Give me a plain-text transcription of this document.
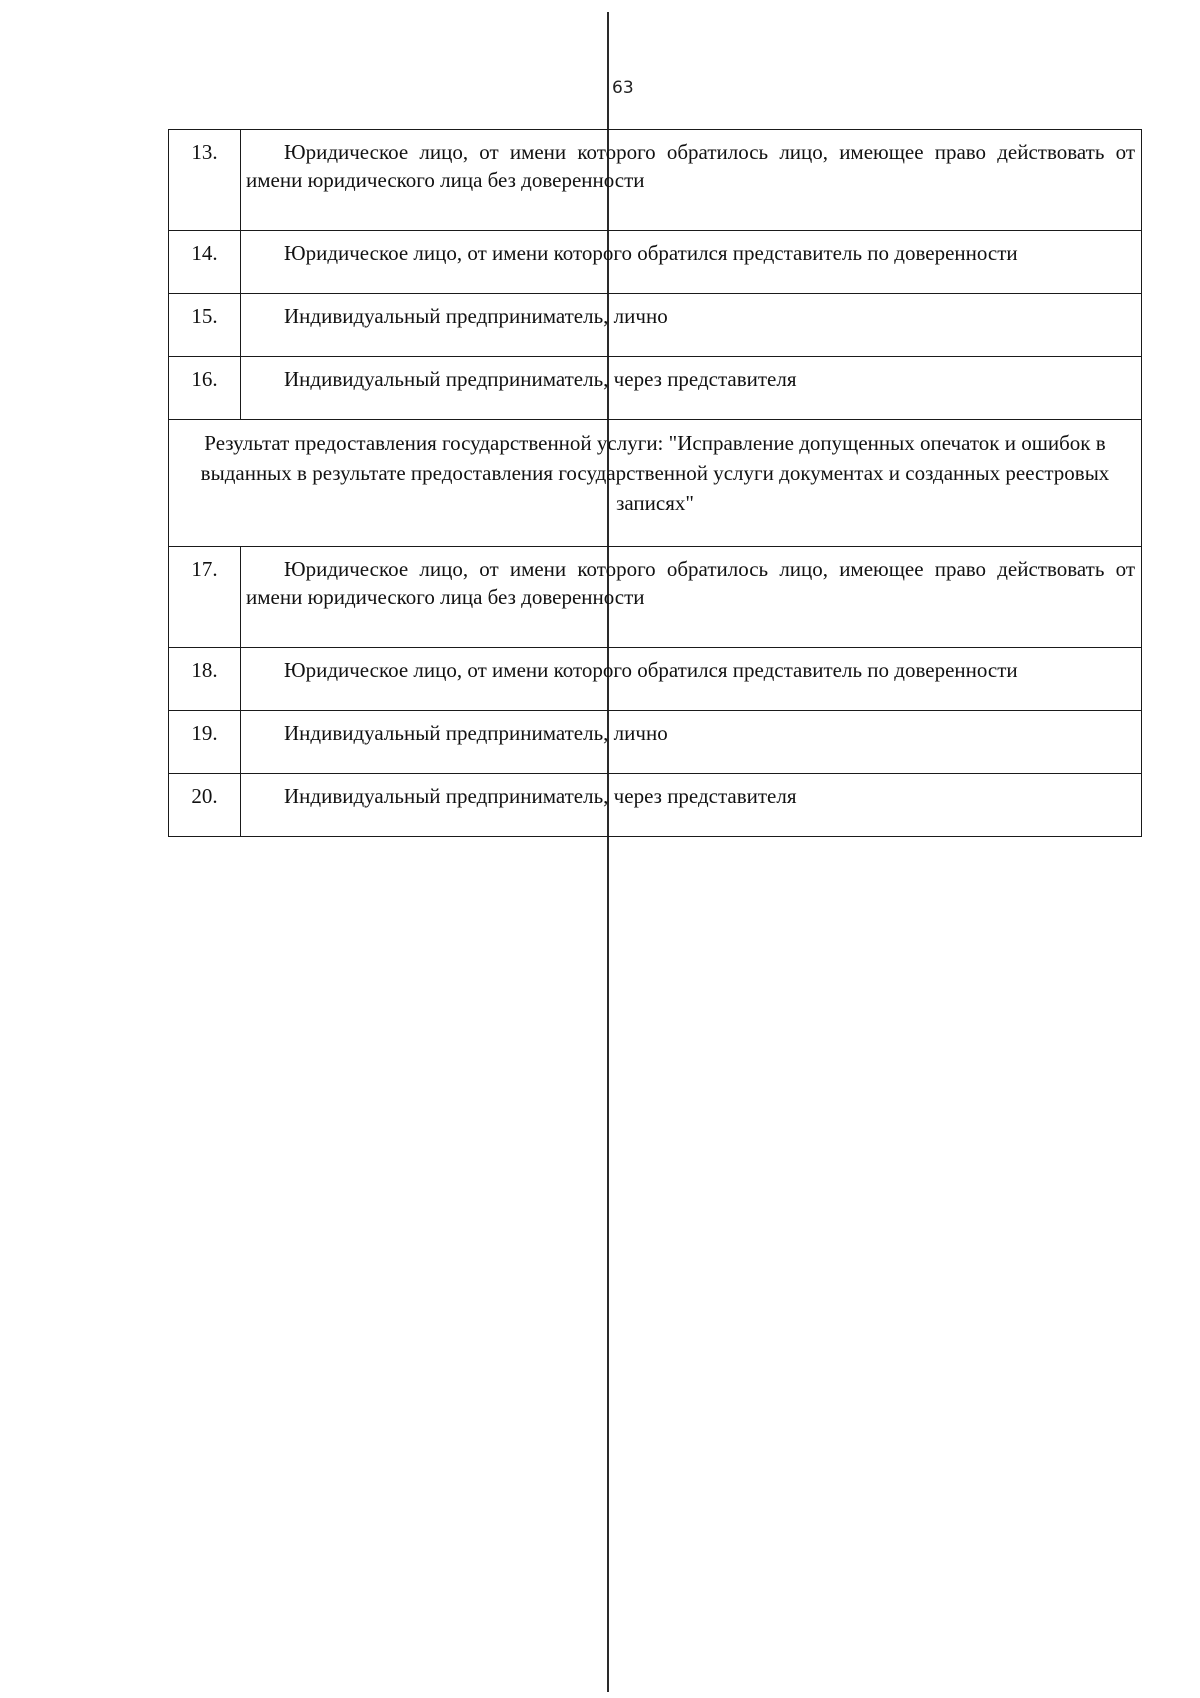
63
13.	Юридическое лицо, от имени которого обратилось лицо, имеющее право действовать от имени юридического лица без доверенности

14.	Юридическое лицо, от имени которого обратился представитель по доверенности

15.	Индивидуальный предприниматель, лично

16.	Индивидуальный предприниматель, через представителя

Результат предоставления государственной услуги: "Исправление допущенных опечаток и ошибок в выданных в результате предоставления государственной услуги документах и созданных реестровых записях"	
17.	Юридическое лицо, от имени которого обратилось лицо, имеющее право действовать от имени юридического лица без доверенности

18.	Юридическое лицо, от имени которого обратился представитель по доверенности

19.	Индивидуальный предприниматель, лично

20.	Индивидуальный предприниматель, через представителя
